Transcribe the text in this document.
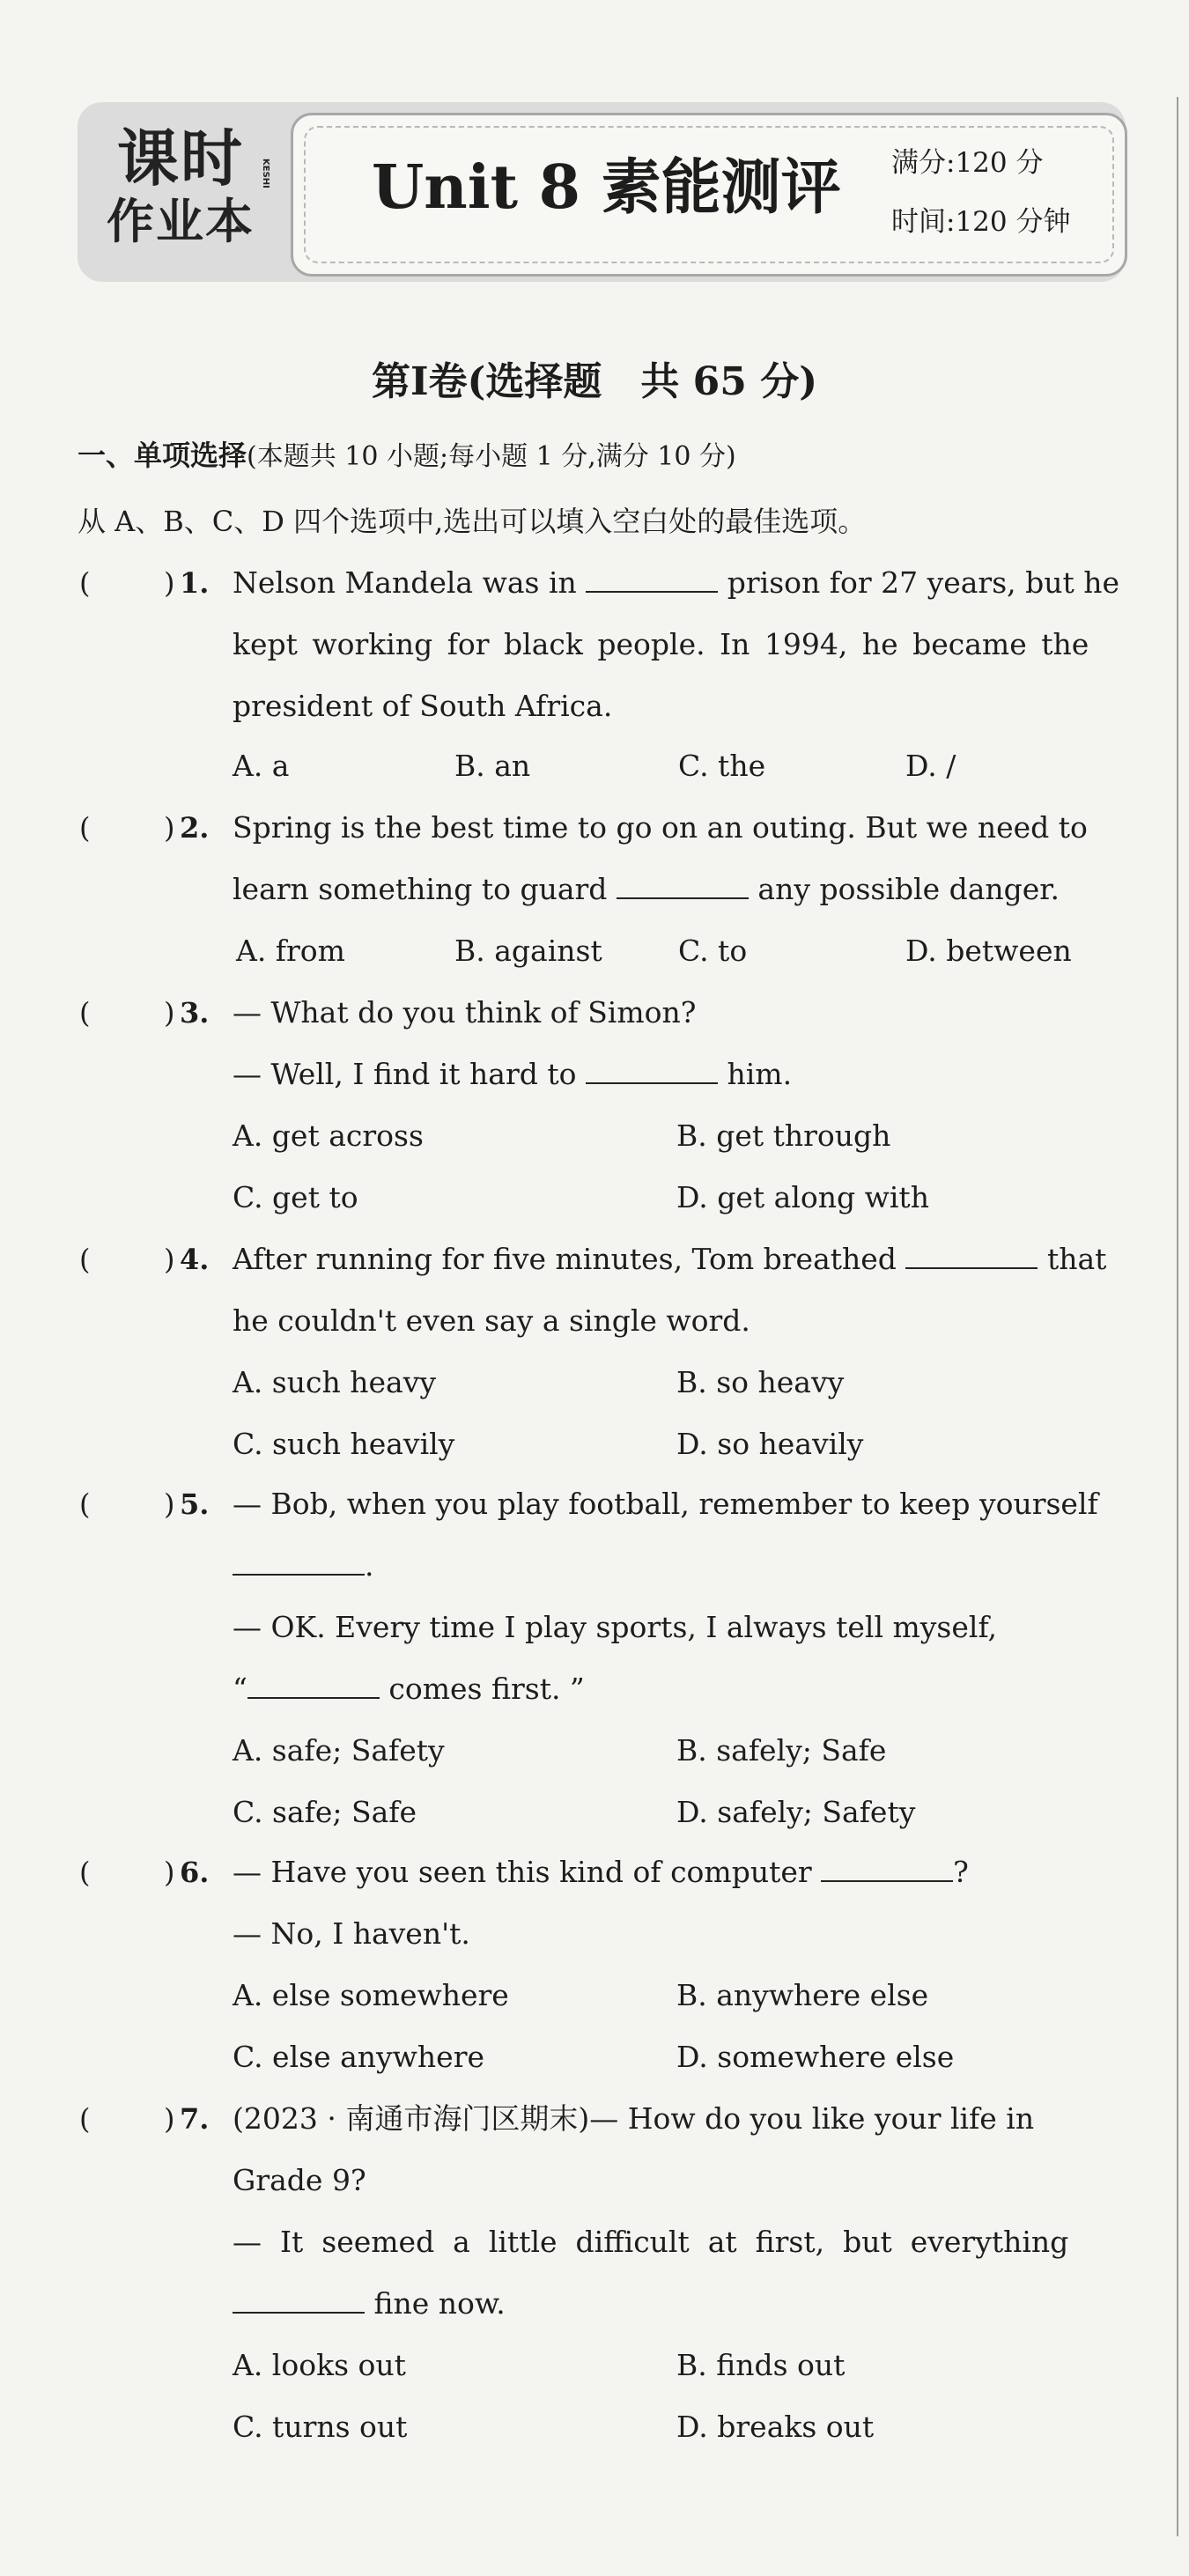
课时
作业本
KESHI Unit 8 素能测评	满分:120 分
时间:120 分钟
第Ⅰ卷(选择题　共 65 分)
一、单项选择(本题共 10 小题;每小题 1 分,满分 10 分)
从 A、B、C、D 四个选项中,选出可以填入空白处的最佳选项。
(	) 1. Nelson Mandela was in	prison for 27 years, but he
kept working for black people. In 1994, he became the
president of South Africa.
A. a	B. an	C. the	D. /
(	) 2. Spring is the best time to go on an outing. But we need to
learn something to guard	any possible danger.
A. from	B. against	C. to	D. between
(	) 3. — What do you think of Simon?
— Well, I find it hard to	him.
A. get across	B. get through
C. get to	D. get along with
(	) 4. After running for five minutes, Tom breathed	that
he couldn't even say a single word.
A. such heavy	B. so heavy
C. such heavily	D. so heavily
(	) 5. — Bob, when you play football, remember to keep yourself
.
— OK. Every time I play sports, I always tell myself,
“	comes first. ”
A. safe; Safety	B. safely; Safe
C. safe; Safe	D. safely; Safety
(	) 6. — Have you seen this kind of computer	?
— No, I haven't.
A. else somewhere	B. anywhere else
C. else anywhere	D. somewhere else
(	) 7. (2023 · 南通市海门区期末)— How do you like your life in
Grade 9?
—  It  seemed  a  little  difficult  at  first,  but  everything
fine now.
A. looks out	B. finds out
C. turns out	D. breaks out
